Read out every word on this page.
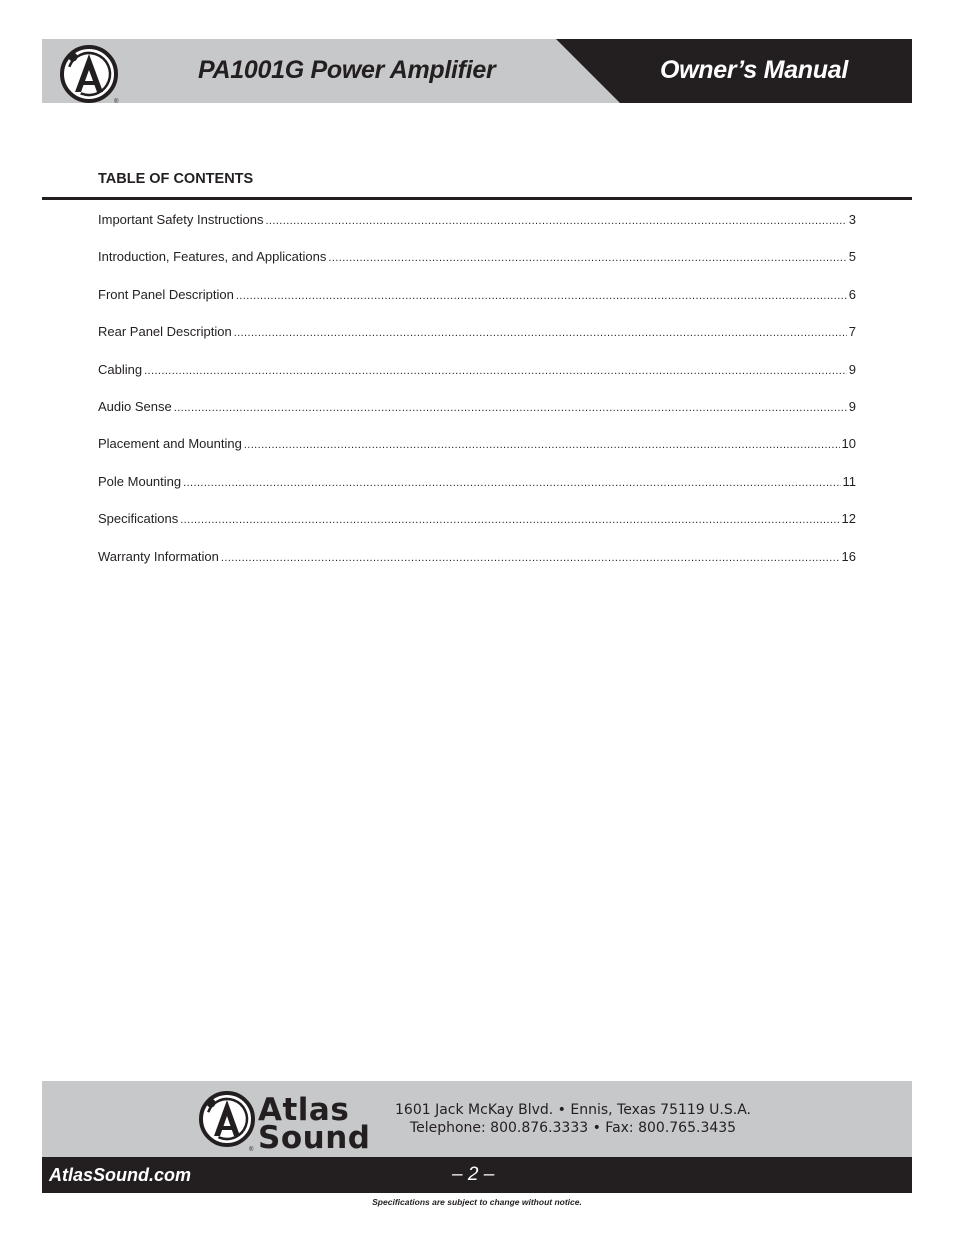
®
PA1001G Power Amplifier	Owner’s Manual
TABLE OF CONTENTS
Important Safety Instructions .....	3
Introduction, Features, and Applications .....	5
Front Panel Description .....	6
Rear Panel Description .....	7
Cabling .....	9
Audio Sense .....	9
Placement and Mounting .....	10
Pole Mounting .....	11
Specifications .....	12
Warranty Information .....	16
Atlas
Sound
®
1601 Jack McKay Blvd. • Ennis, Texas 75119 U.S.A.
Telephone: 800.876.3333 • Fax: 800.765.3435
AtlasSound.com	– 2 –
Specifications are subject to change without notice.
